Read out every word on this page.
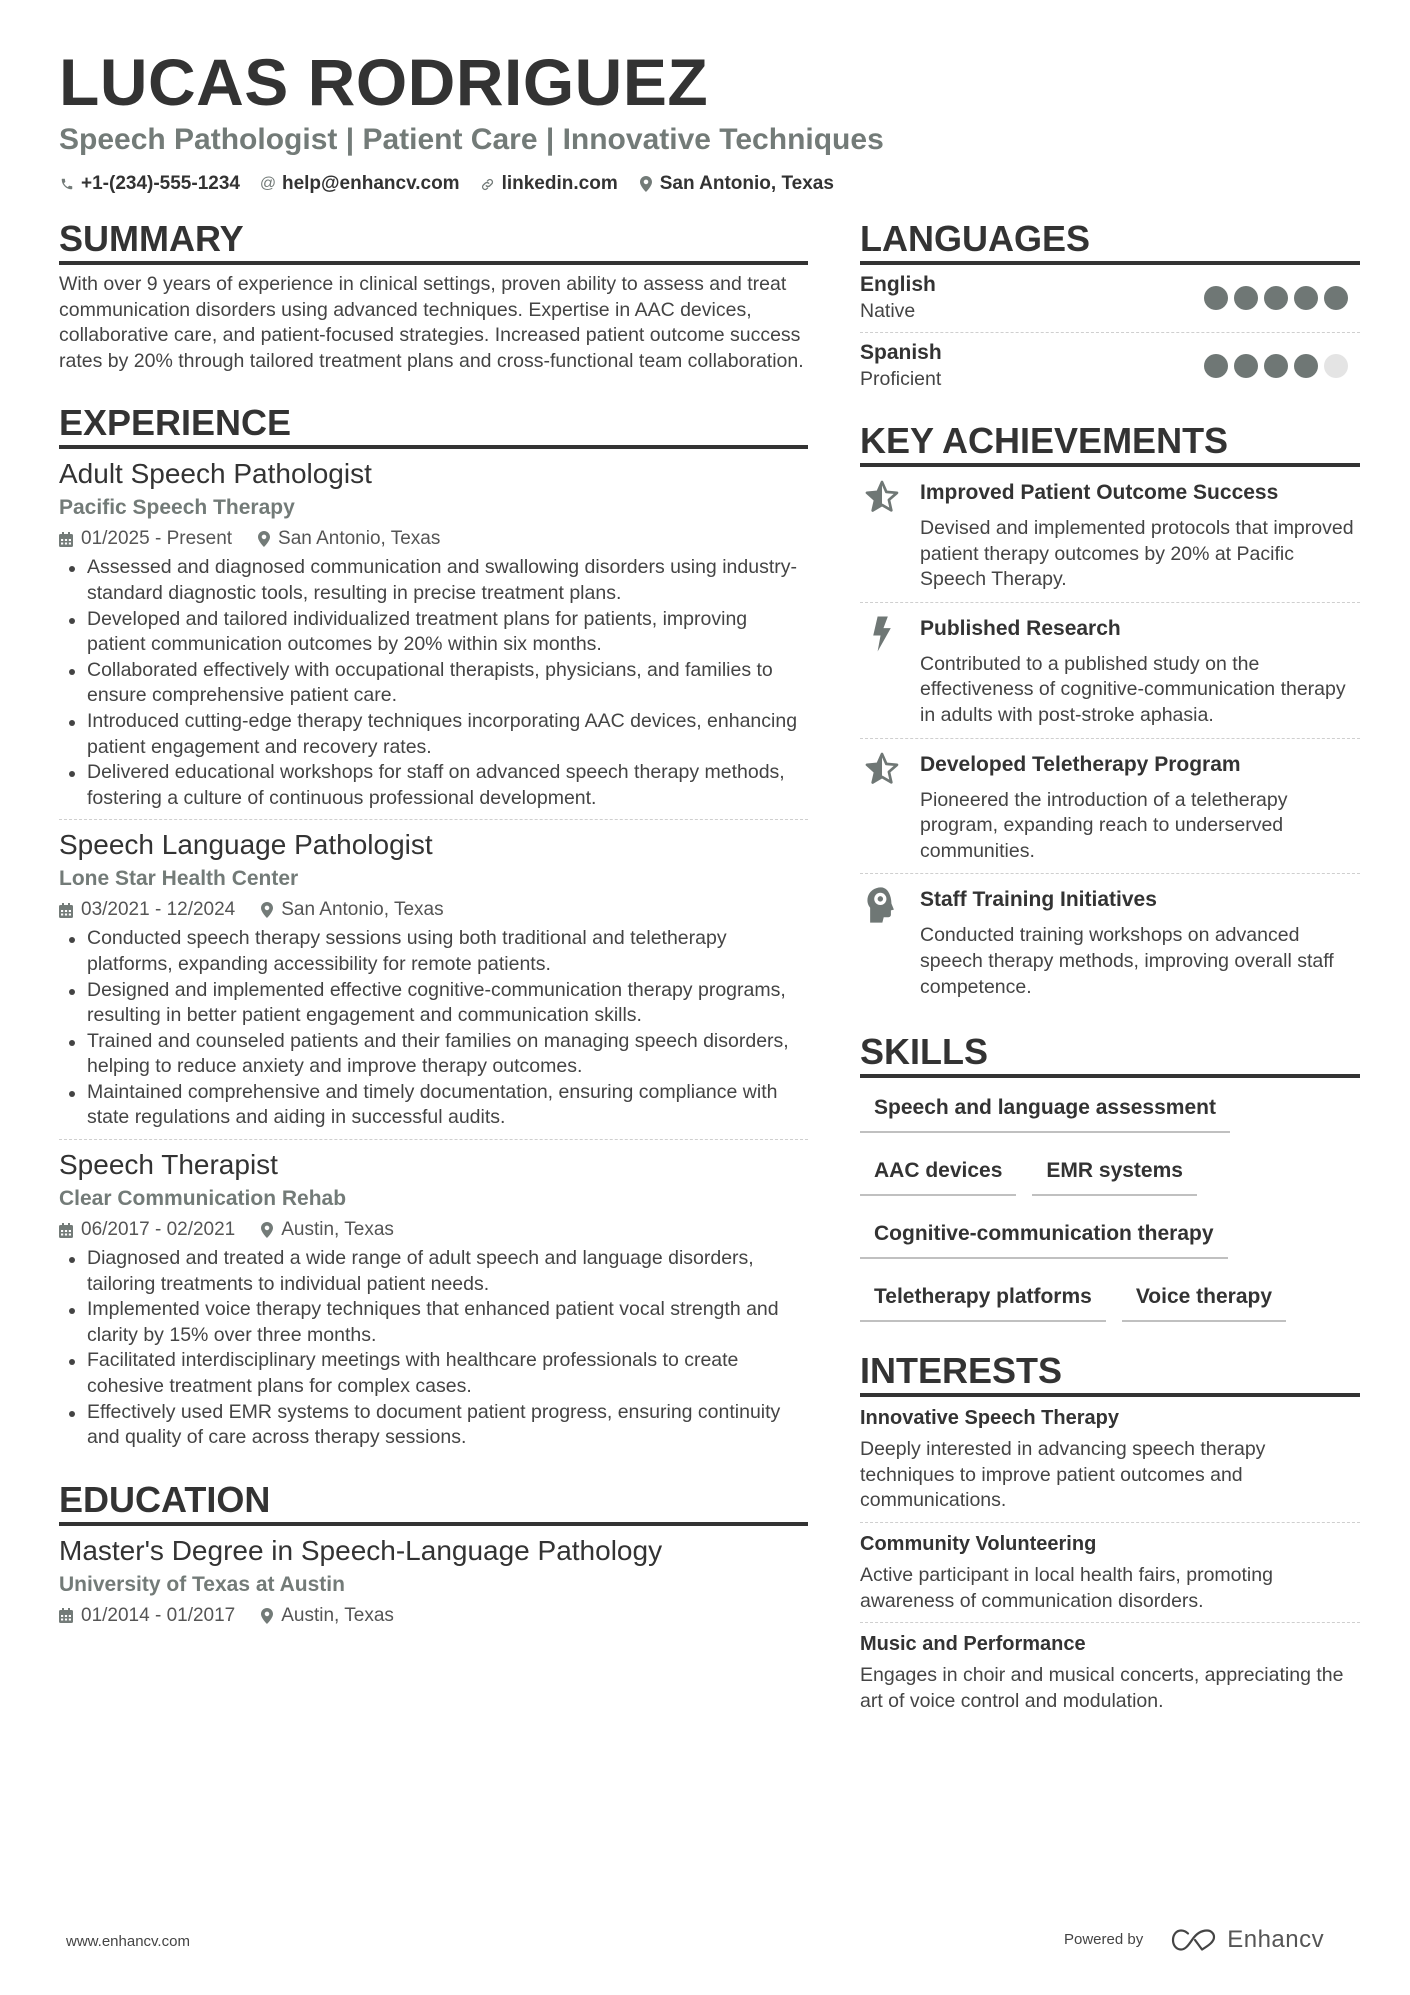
LUCAS RODRIGUEZ
Speech Pathologist | Patient Care | Innovative Techniques
+1-(234)-555-1234 @ help@enhancv.com linkedin.com San Antonio, Texas
SUMMARY
With over 9 years of experience in clinical settings, proven ability to assess and treat communication disorders using advanced techniques. Expertise in AAC devices, collaborative care, and patient-focused strategies. Increased patient outcome success rates by 20% through tailored treatment plans and cross-functional team collaboration.
EXPERIENCE
Adult Speech Pathologist
Pacific Speech Therapy
01/2025 - Present San Antonio, Texas
Assessed and diagnosed communication and swallowing disorders using industry-standard diagnostic tools, resulting in precise treatment plans.
Developed and tailored individualized treatment plans for patients, improving patient communication outcomes by 20% within six months.
Collaborated effectively with occupational therapists, physicians, and families to ensure comprehensive patient care.
Introduced cutting-edge therapy techniques incorporating AAC devices, enhancing patient engagement and recovery rates.
Delivered educational workshops for staff on advanced speech therapy methods, fostering a culture of continuous professional development.
Speech Language Pathologist
Lone Star Health Center
03/2021 - 12/2024 San Antonio, Texas
Conducted speech therapy sessions using both traditional and teletherapy platforms, expanding accessibility for remote patients.
Designed and implemented effective cognitive-communication therapy programs, resulting in better patient engagement and communication skills.
Trained and counseled patients and their families on managing speech disorders, helping to reduce anxiety and improve therapy outcomes.
Maintained comprehensive and timely documentation, ensuring compliance with state regulations and aiding in successful audits.
Speech Therapist
Clear Communication Rehab
06/2017 - 02/2021 Austin, Texas
Diagnosed and treated a wide range of adult speech and language disorders, tailoring treatments to individual patient needs.
Implemented voice therapy techniques that enhanced patient vocal strength and clarity by 15% over three months.
Facilitated interdisciplinary meetings with healthcare professionals to create cohesive treatment plans for complex cases.
Effectively used EMR systems to document patient progress, ensuring continuity and quality of care across therapy sessions.
EDUCATION
Master's Degree in Speech-Language Pathology
University of Texas at Austin
01/2014 - 01/2017 Austin, Texas
LANGUAGES
English
Native
Spanish
Proficient
KEY ACHIEVEMENTS
Improved Patient Outcome Success
Devised and implemented protocols that improved patient therapy outcomes by 20% at Pacific Speech Therapy.
Published Research
Contributed to a published study on the effectiveness of cognitive-communication therapy in adults with post-stroke aphasia.
Developed Teletherapy Program
Pioneered the introduction of a teletherapy program, expanding reach to underserved communities.
Staff Training Initiatives
Conducted training workshops on advanced speech therapy methods, improving overall staff competence.
SKILLS
Speech and language assessment
AAC devices	EMR systems
Cognitive-communication therapy
Teletherapy platforms	Voice therapy
INTERESTS
Innovative Speech Therapy
Deeply interested in advancing speech therapy techniques to improve patient outcomes and communications.
Community Volunteering
Active participant in local health fairs, promoting awareness of communication disorders.
Music and Performance
Engages in choir and musical concerts, appreciating the art of voice control and modulation.
www.enhancv.com	Powered by	Enhancv
